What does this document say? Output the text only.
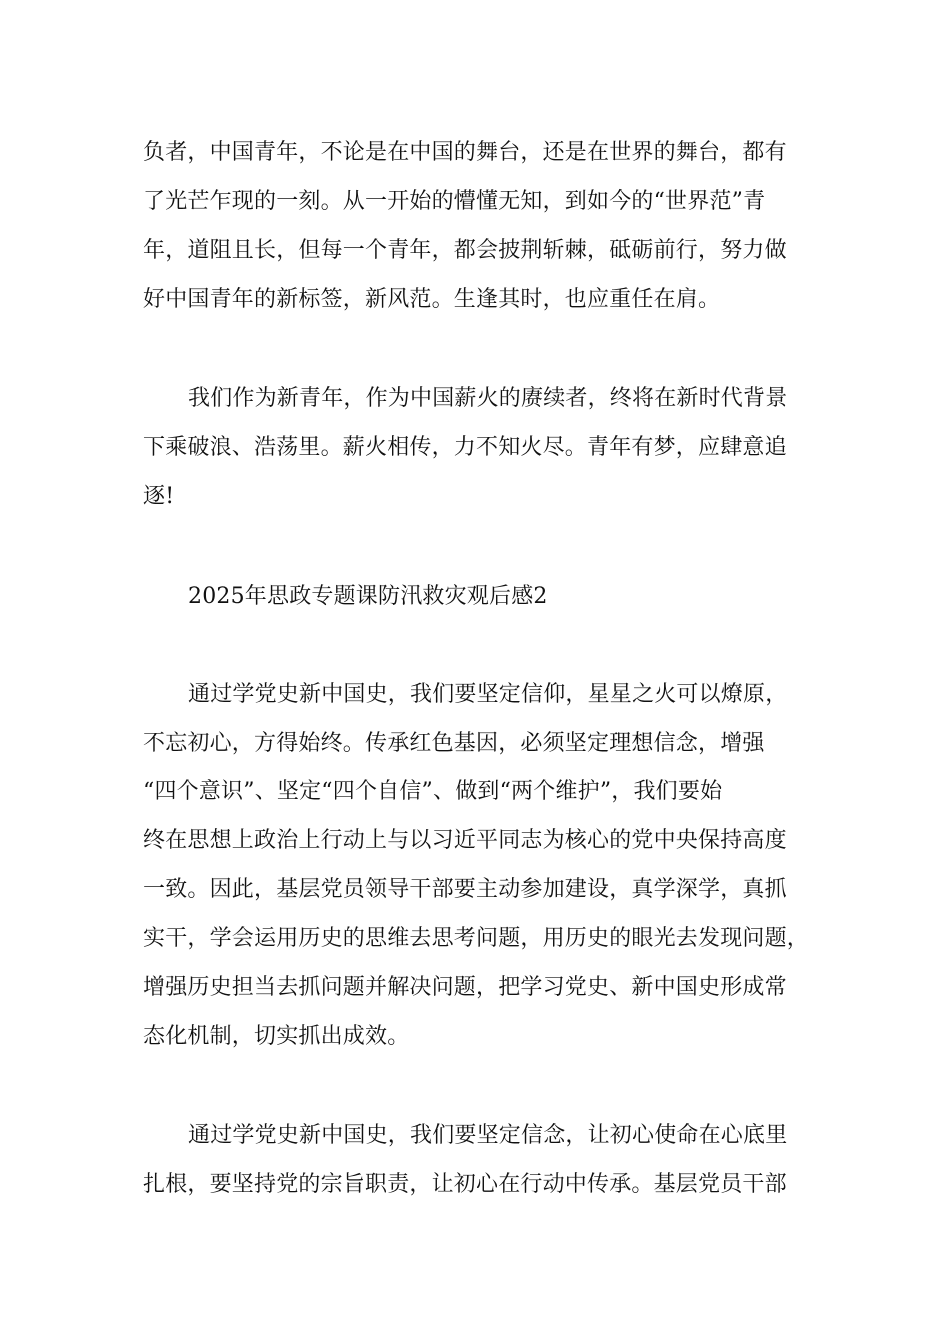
负者，中国青年，不论是在中国的舞台，还是在世界的舞台，都有
了光芒乍现的一刻。从一开始的懵懂无知，到如今的“世界范”青
年，道阻且长，但每一个青年，都会披荆斩棘，砥砺前行，努力做
好中国青年的新标签，新风范。生逢其时，也应重任在肩。
我们作为新青年，作为中国薪火的赓续者，终将在新时代背景
下乘破浪、浩荡里。薪火相传，力不知火尽。青年有梦，应肆意追
逐!
2025年思政专题课防汛救灾观后感2
通过学党史新中国史，我们要坚定信仰，星星之火可以燎原，
不忘初心，方得始终。传承红色基因，必须坚定理想信念，增强
“四个意识”、坚定“四个自信”、做到“两个维护”，我们要始
终在思想上政治上行动上与以习近平同志为核心的党中央保持高度
一致。因此，基层党员领导干部要主动参加建设，真学深学，真抓
实干，学会运用历史的思维去思考问题，用历史的眼光去发现问题，
增强历史担当去抓问题并解决问题，把学习党史、新中国史形成常
态化机制，切实抓出成效。
通过学党史新中国史，我们要坚定信念，让初心使命在心底里
扎根，要坚持党的宗旨职责，让初心在行动中传承。基层党员干部
